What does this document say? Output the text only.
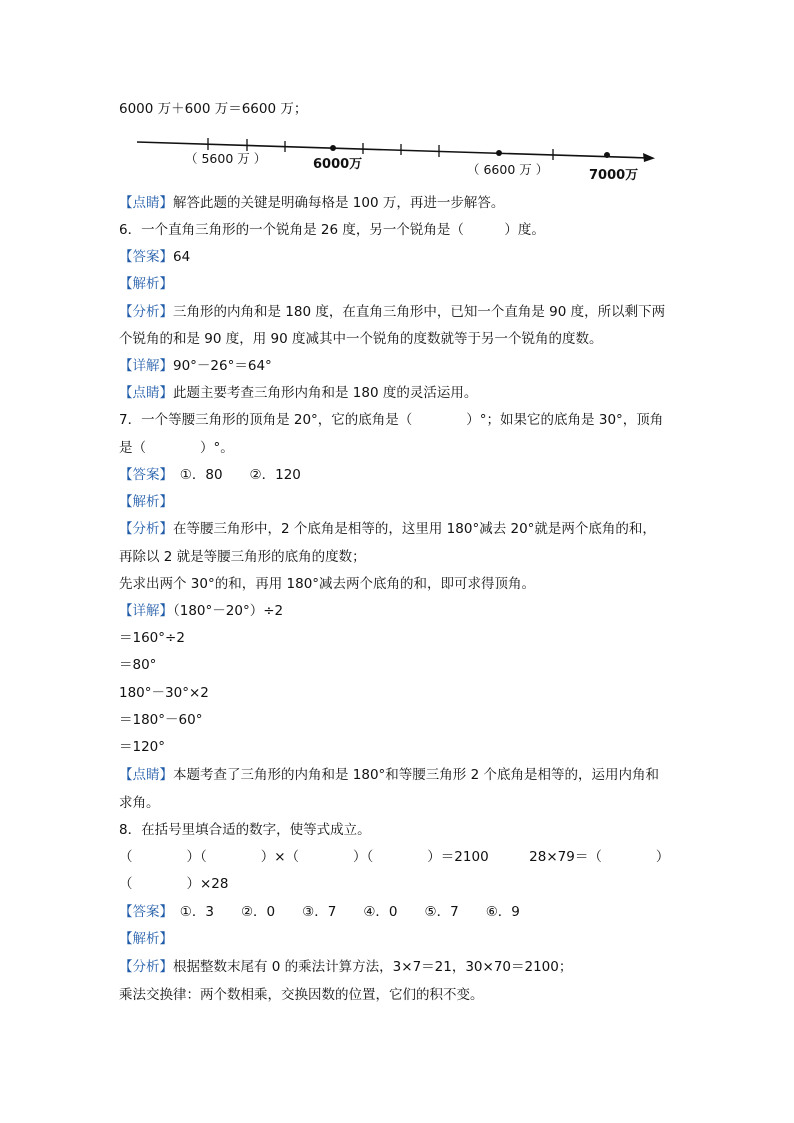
6000 万＋600 万＝6600 万；
（ 5600 万 ）	6000万	（ 6600 万 ）	7000万
【点睛】解答此题的关键是明确每格是 100 万，再进一步解答。
6．一个直角三角形的一个锐角是 26 度，另一个锐角是（　　　）度。
【答案】64
【解析】
【分析】三角形的内角和是 180 度，在直角三角形中，已知一个直角是 90 度，所以剩下两
个锐角的和是 90 度，用 90 度减其中一个锐角的度数就等于另一个锐角的度数。
【详解】90°－26°＝64°
【点睛】此题主要考查三角形内角和是 180 度的灵活运用。
7．一个等腰三角形的顶角是 20°，它的底角是（　　　　）°；如果它的底角是 30°，顶角
是（　　　　）°。
【答案】　①．80　　②．120
【解析】
【分析】在等腰三角形中，2 个底角是相等的，这里用 180°减去 20°就是两个底角的和，
再除以 2 就是等腰三角形的底角的度数；
先求出两个 30°的和，再用 180°减去两个底角的和，即可求得顶角。
【详解】（180°－20°）÷2
＝160°÷2
＝80°
180°－30°×2
＝180°－60°
＝120°
【点睛】本题考查了三角形的内角和是 180°和等腰三角形 2 个底角是相等的，运用内角和
求角。
8．在括号里填合适的数字，使等式成立。
（　　　　）（　　　　）×（　　　　）（　　　　）＝2100　　　28×79＝（　　　　）
（　　　　）×28
【答案】　①．3　　②．0　　③．7　　④．0　　⑤．7　　⑥．9
【解析】
【分析】根据整数末尾有 0 的乘法计算方法，3×7＝21，30×70＝2100；
乘法交换律：两个数相乘，交换因数的位置，它们的积不变。
